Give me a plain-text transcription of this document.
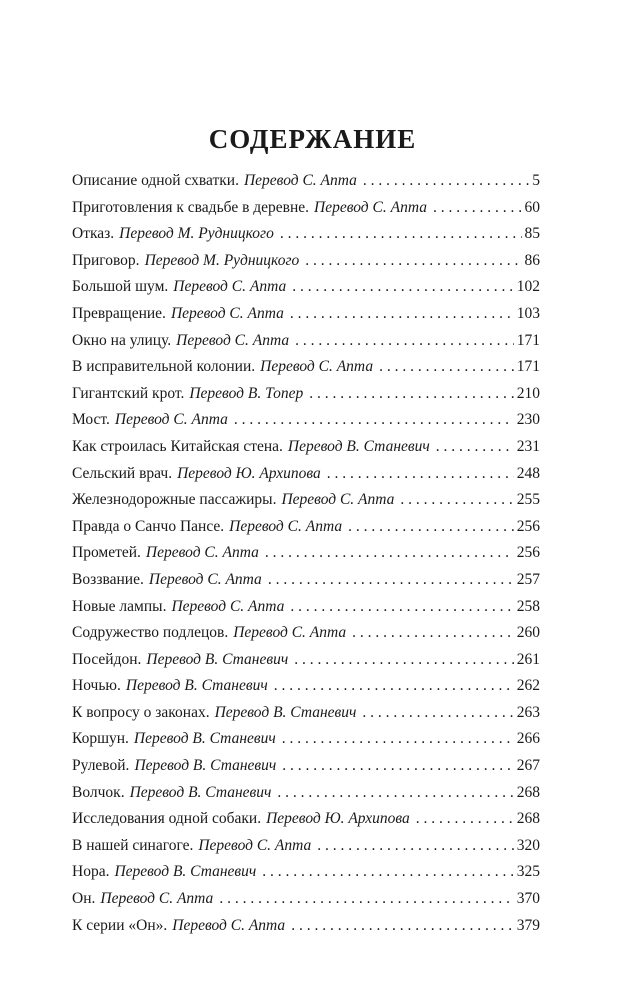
СОДЕРЖАНИЕ
Описание одной схватки. Перевод С. Апта . . .	5
Приготовления к свадьбе в деревне. Перевод С. Апта . . .	60
Отказ. Перевод М. Рудницкого . . .	85
Приговор. Перевод М. Рудницкого . . .	86
Большой шум. Перевод С. Апта . . .	102
Превращение. Перевод С. Апта . . .	103
Окно на улицу. Перевод С. Апта . . .	171
В исправительной колонии. Перевод С. Апта . . .	171
Гигантский крот. Перевод В. Топер . . .	210
Мост. Перевод С. Апта . . .	230
Как строилась Китайская стена. Перевод В. Станевич . . .	231
Сельский врач. Перевод Ю. Архипова . . .	248
Железнодорожные пассажиры. Перевод С. Апта . . .	255
Правда о Санчо Пансе. Перевод С. Апта . . .	256
Прометей. Перевод С. Апта . . .	256
Воззвание. Перевод С. Апта . . .	257
Новые лампы. Перевод С. Апта . . .	258
Содружество подлецов. Перевод С. Апта . . .	260
Посейдон. Перевод В. Станевич . . .	261
Ночью. Перевод В. Станевич . . .	262
К вопросу о законах. Перевод В. Станевич . . .	263
Коршун. Перевод В. Станевич . . .	266
Рулевой. Перевод В. Станевич . . .	267
Волчок. Перевод В. Станевич . . .	268
Исследования одной собаки. Перевод Ю. Архипова . . .	268
В нашей синагоге. Перевод С. Апта . . .	320
Нора. Перевод В. Станевич . . .	325
Он. Перевод С. Апта . . .	370
К серии «Он». Перевод С. Апта . . .	379
